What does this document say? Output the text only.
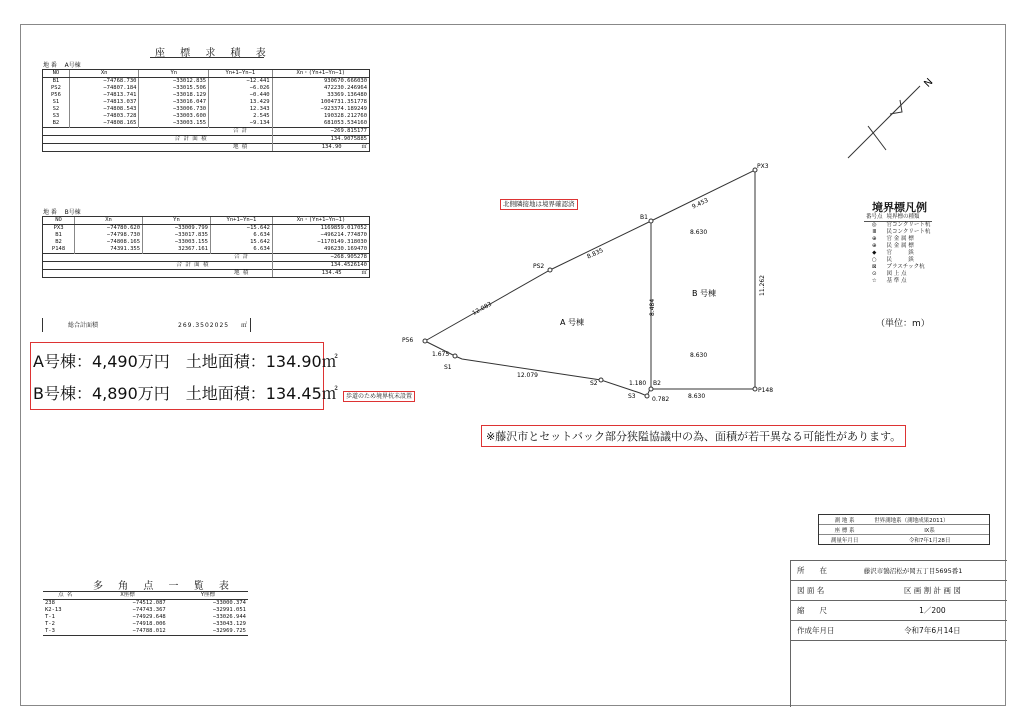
座 標 求 積 表
地 番 A号棟
NO	Xn	Yn	Yn+1−Yn−1	Xn・(Yn+1−Yn−1)
B1	−74768.730	−33012.835	−12.441	930670.666030
PS2	−74807.184	−33015.506	−6.026	472230.246964
P56	−74813.741	−33018.129	−0.440	33369.136480
S1	−74813.037	−33016.047	13.429	1004731.351778
S2	−74808.543	−33006.730	12.343	−923374.189249
S3	−74803.728	−33003.600	2.545	190328.212760
B2	−74808.165	−33003.155	−9.134	681053.534160
			合 計	−269.815177
合 計 面 積				134.9075885
			地 積	134.90 ㎡
地 番 B号棟
NO	Xn	Yn	Yn+1−Yn−1	Xn・(Yn+1−Yn−1)
PX3	−74780.620	−33009.799	−15.642	1169859.017052
B1	−74798.730	−33017.835	6.634	−496214.774870
B2	−74808.165	−33003.155	15.642	−1170149.318030
P148	74391.355	32367.161	6.634	496230.169470
			合 計	−268.905278
合 計 面 積				134.4526140
			地 積	134.45 ㎡
総合計面積	269.3502025 ㎡
A号棟：4,490万円　土地面積：134.90㎡
B号棟：4,890万円　土地面積：134.45㎡
PX3
P56
S1
PS2
B1
S2
S3
B2
P148
9.453
8.835
12.083
1.675
12.079
1.180
0.782	8.630
8.630
8.630
8.484
11.262
A 号棟
B 号棟
N
北側隣接地は境界確認済
歩道のため境界杭未設置
※藤沢市とセットバック部分狭隘協議中の為、面積が若干異なる可能性があります。
境界標凡例
番号点	境界標の種類
◎	官コンクリート杭
Ⅲ	民コンクリート杭
⊕	官 金 属 標
⊕	民 金 属 標
◆	官 　 　 鋲
○	民 　 　 鋲
⊠	プラスチック杭
⊙	図 上 点
☆	基 準 点
（単位：m）
多 角 点 一 覧 表
点 名	X座標	Y座標
238	−74512.087	−33000.374
K2-13	−74743.367	−32991.051
T-1	−74929.648	−33026.944
T-2	−74918.006	−33043.129
T-3	−74788.012	−32969.725
測 地 系	世界測地系（測地成果2011）
座 標 系	Ⅸ系
測量年月日	令和7年1月28日
所　　在	藤沢市鵠沼松が岡五丁目5695番1
図 面 名	区 画 割 計 画 図
縮　　尺	1／200
作成年月日	令和7年6月14日
